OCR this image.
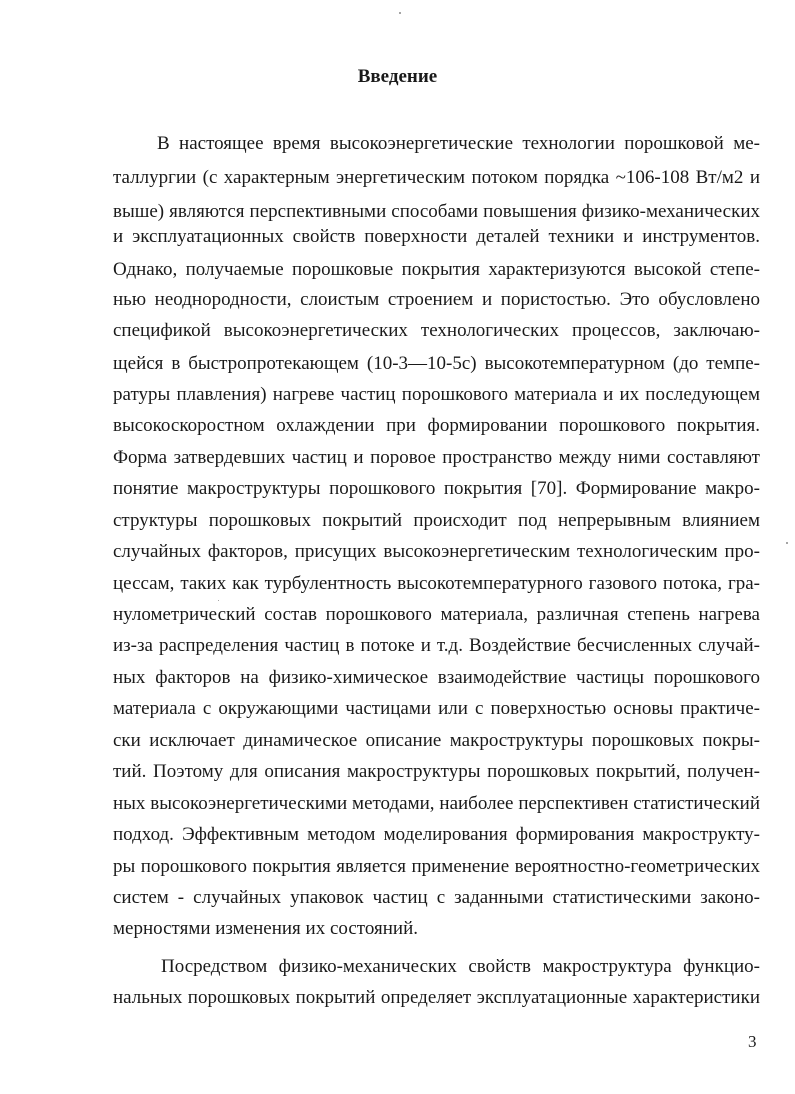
Введение
В настоящее время высокоэнергетические технологии порошковой ме-
таллургии (с характерным энергетическим потоком порядка ~106-108 Вт/м2 и
выше) являются перспективными способами повышения физико-механических
и эксплуатационных свойств поверхности деталей техники и инструментов.
Однако, получаемые порошковые покрытия характеризуются высокой степе-
нью неоднородности, слоистым строением и пористостью. Это обусловлено
спецификой высокоэнергетических технологических процессов, заключаю-
щейся в быстропротекающем (10-3—10-5с) высокотемпературном (до темпе-
ратуры плавления) нагреве частиц порошкового материала и их последующем
высокоскоростном охлаждении при формировании порошкового покрытия.
Форма затвердевших частиц и поровое пространство между ними составляют
понятие макроструктуры порошкового покрытия [70]. Формирование макро-
структуры порошковых покрытий происходит под непрерывным влиянием
случайных факторов, присущих высокоэнергетическим технологическим про-
цессам, таких как турбулентность высокотемпературного газового потока, гра-
нулометрический состав порошкового материала, различная степень нагрева
из-за распределения частиц в потоке и т.д. Воздействие бесчисленных случай-
ных факторов на физико-химическое взаимодействие частицы порошкового
материала с окружающими частицами или с поверхностью основы практиче-
ски исключает динамическое описание макроструктуры порошковых покры-
тий. Поэтому для описания макроструктуры порошковых покрытий, получен-
ных высокоэнергетическими методами, наиболее перспективен статистический
подход. Эффективным методом моделирования формирования макрострукту-
ры порошкового покрытия является применение вероятностно-геометрических
систем - случайных упаковок частиц с заданными статистическими законо-
мерностями изменения их состояний.
Посредством физико-механических свойств макроструктура функцио-
нальных порошковых покрытий определяет эксплуатационные характеристики
3
